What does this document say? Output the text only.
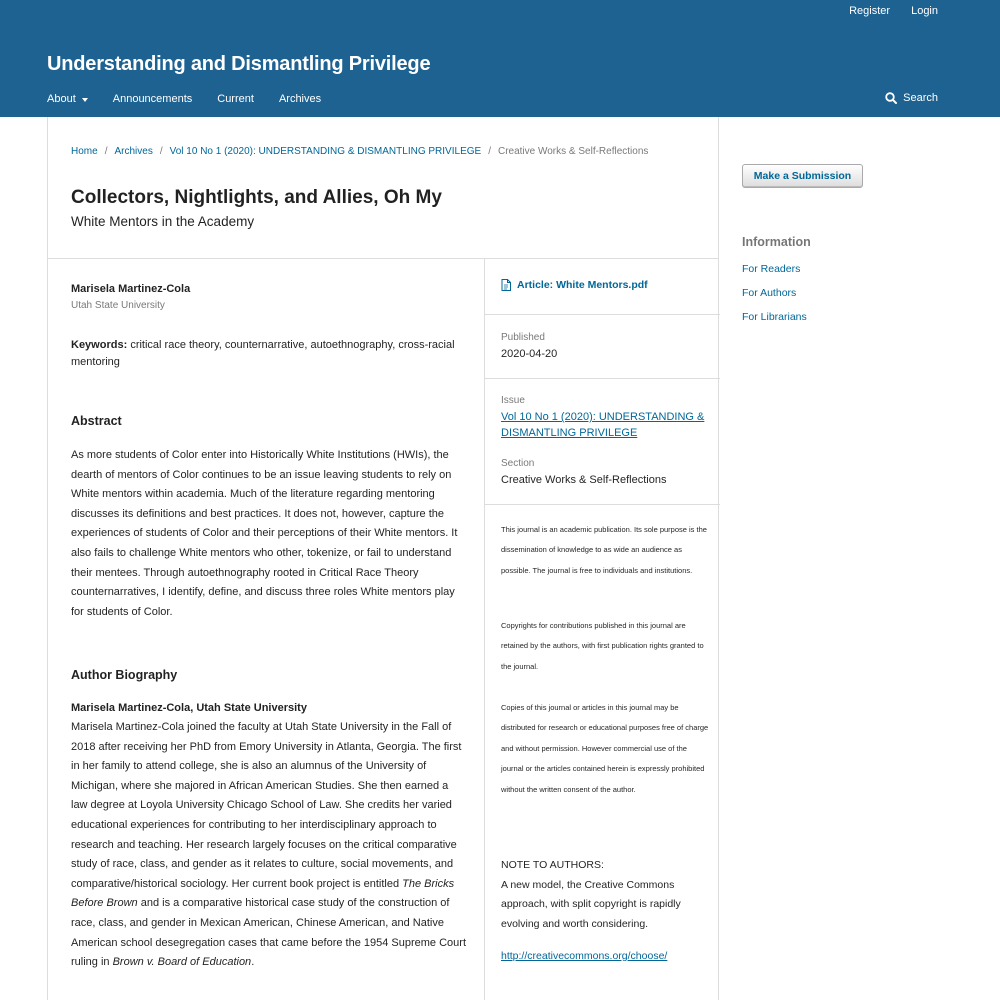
Register	Login
Understanding and Dismantling Privilege
About	Announcements Current Archives	Search
Home / Archives / Vol 10 No 1 (2020): UNDERSTANDING & DISMANTLING PRIVILEGE / Creative Works & Self-Reflections
Collectors, Nightlights, and Allies, Oh My
White Mentors in the Academy
Marisela Martinez-Cola
Utah State University
Keywords: critical race theory, counternarrative, autoethnography, cross-racial mentoring
Abstract
As more students of Color enter into Historically White Institutions (HWIs), the dearth of mentors of Color continues to be an issue leaving students to rely on White mentors within academia. Much of the literature regarding mentoring discusses its definitions and best practices. It does not, however, capture the experiences of students of Color and their perceptions of their White mentors. It also fails to challenge White mentors who other, tokenize, or fail to understand their mentees. Through autoethnography rooted in Critical Race Theory counternarratives, I identify, define, and discuss three roles White mentors play for students of Color.
Author Biography
Marisela Martinez-Cola, Utah State University
Marisela Martinez-Cola joined the faculty at Utah State University in the Fall of 2018 after receiving her PhD from Emory University in Atlanta, Georgia. The first in her family to attend college, she is also an alumnus of the University of Michigan, where she majored in African American Studies. She then earned a law degree at Loyola University Chicago School of Law. She credits her varied educational experiences for contributing to her interdisciplinary approach to research and teaching. Her research largely focuses on the critical comparative study of race, class, and gender as it relates to culture, social movements, and comparative/historical sociology. Her current book project is entitled The Bricks Before Brown and is a comparative historical case study of the construction of race, class, and gender in Mexican American, Chinese American, and Native American school desegregation cases that came before the 1954 Supreme Court ruling in Brown v. Board of Education.
Article: White Mentors.pdf
Published
2020-04-20
Issue
Vol 10 No 1 (2020): UNDERSTANDING & DISMANTLING PRIVILEGE
Section
Creative Works & Self-Reflections
This journal is an academic publication. Its sole purpose is the dissemination of knowledge to as wide an audience as possible. The journal is free to individuals and institutions.
Copyrights for contributions published in this journal are retained by the authors, with first publication rights granted to the journal.
Copies of this journal or articles in this journal may be distributed for research or educational purposes free of charge and without permission. However commercial use of the journal or the articles contained herein is expressly prohibited without the written consent of the author.
NOTE TO AUTHORS:
A new model, the Creative Commons approach, with split copyright is rapidly evolving and worth considering.
http://creativecommons.org/choose/
Make a Submission
Information
For Readers
For Authors
For Librarians
